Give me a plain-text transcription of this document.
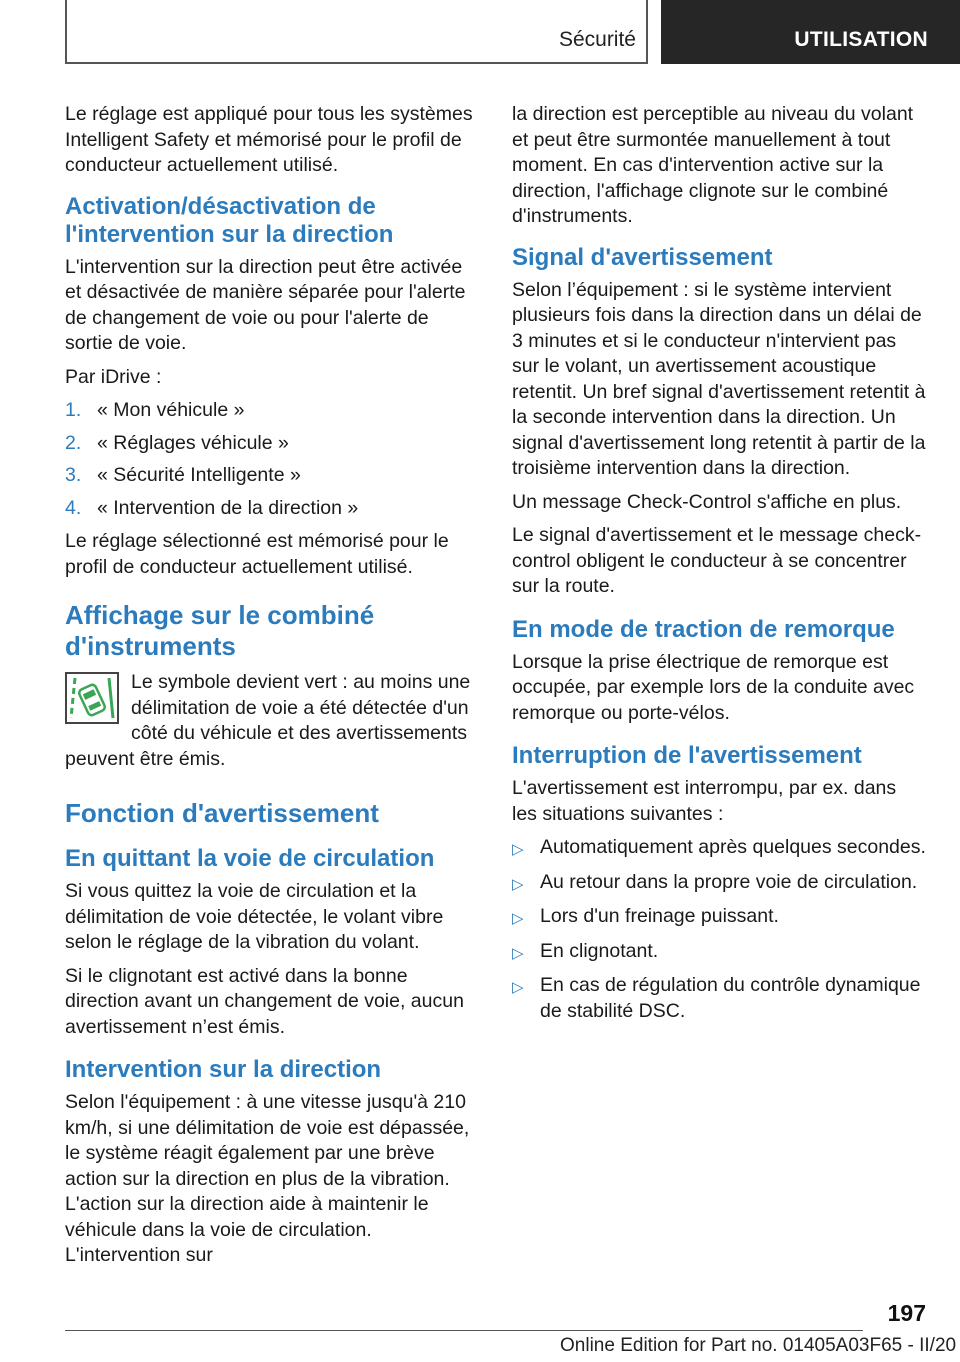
Sécurité	UTILISATION

Le réglage est appliqué pour tous les systèmes Intelligent Safety et mémorisé pour le profil de conducteur actuellement utilisé.

Activation/désactivation de l'intervention sur la direction

L'intervention sur la direction peut être activée et désactivée de manière séparée pour l'alerte de changement de voie ou pour l'alerte de sortie de voie.

Par iDrive :

1. « Mon véhicule »
2. « Réglages véhicule »
3. « Sécurité Intelligente »
4. « Intervention de la direction »

Le réglage sélectionné est mémorisé pour le profil de conducteur actuellement utilisé.

Affichage sur le combiné d'instruments

Le symbole devient vert : au moins une délimitation de voie a été détectée d'un côté du véhicule et des avertissements peuvent être émis.

Fonction d'avertissement
En quittant la voie de circulation

Si vous quittez la voie de circulation et la délimitation de voie détectée, le volant vibre selon le réglage de la vibration du volant.

Si le clignotant est activé dans la bonne direction avant un changement de voie, aucun avertissement n’est émis.

Intervention sur la direction

Selon l'équipement : à une vitesse jusqu'à 210 km/h, si une délimitation de voie est dépassée, le système réagit également par une brève action sur la direction en plus de la vibration. L'action sur la direction aide à maintenir le véhicule dans la voie de circulation. L'intervention sur

la direction est perceptible au niveau du volant et peut être surmontée manuellement à tout moment. En cas d'intervention active sur la direction, l'affichage clignote sur le combiné d'instruments.

Signal d'avertissement

Selon l’équipement : si le système intervient plusieurs fois dans la direction dans un délai de 3 minutes et si le conducteur n'intervient pas sur le volant, un avertissement acoustique retentit. Un bref signal d'avertissement retentit à la seconde intervention dans la direction. Un signal d'avertissement long retentit à partir de la troisième intervention dans la direction.

Un message Check-Control s'affiche en plus.

Le signal d'avertissement et le message check-control obligent le conducteur à se concentrer sur la route.

En mode de traction de remorque

Lorsque la prise électrique de remorque est occupée, par exemple lors de la conduite avec remorque ou porte-vélos.

Interruption de l'avertissement

L'avertissement est interrompu, par ex. dans les situations suivantes :

▷ Automatiquement après quelques secondes.
▷ Au retour dans la propre voie de circulation.
▷ Lors d'un freinage puissant.
▷ En clignotant.
▷ En cas de régulation du contrôle dynamique de stabilité DSC.
197
Online Edition for Part no. 01405A03F65 - II/20
